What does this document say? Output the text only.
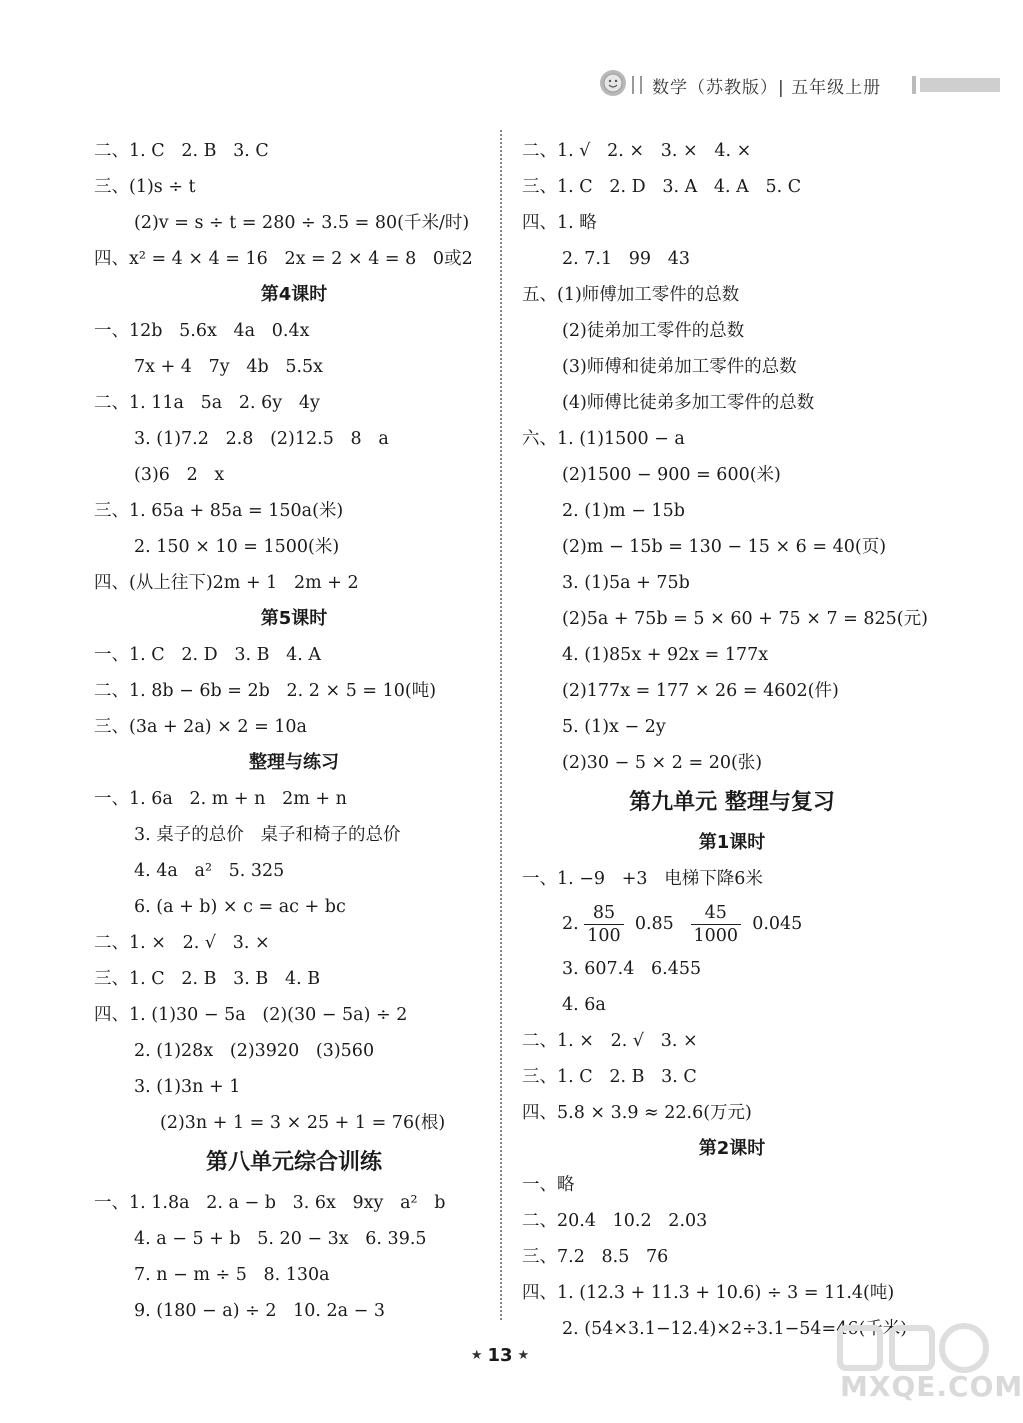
数学（苏教版）| 五年级上册
二、1. C   2. B   3. C
三、(1)s ÷ t
(2)v = s ÷ t = 280 ÷ 3.5 = 80(千米/时)
四、x² = 4 × 4 = 16   2x = 2 × 4 = 8   0或2
第4课时
一、12b   5.6x   4a   0.4x
7x + 4   7y   4b   5.5x
二、1. 11a   5a   2. 6y   4y
3. (1)7.2   2.8   (2)12.5   8   a
(3)6   2   x
三、1. 65a + 85a = 150a(米)
2. 150 × 10 = 1500(米)
四、(从上往下)2m + 1   2m + 2
第5课时
一、1. C   2. D   3. B   4. A
二、1. 8b − 6b = 2b   2. 2 × 5 = 10(吨)
三、(3a + 2a) × 2 = 10a
整理与练习
一、1. 6a   2. m + n   2m + n
3. 桌子的总价   桌子和椅子的总价
4. 4a   a²   5. 325
6. (a + b) × c = ac + bc
二、1. ×   2. √   3. ×
三、1. C   2. B   3. B   4. B
四、1. (1)30 − 5a   (2)(30 − 5a) ÷ 2
2. (1)28x   (2)3920   (3)560
3. (1)3n + 1
(2)3n + 1 = 3 × 25 + 1 = 76(根)
第八单元综合训练
一、1. 1.8a   2. a − b   3. 6x   9xy   a²   b
4. a − 5 + b   5. 20 − 3x   6. 39.5
7. n − m ÷ 5   8. 130a
9. (180 − a) ÷ 2   10. 2a − 3
二、1. √   2. ×   3. ×   4. ×
三、1. C   2. D   3. A   4. A   5. C
四、1. 略
2. 7.1   99   43
五、(1)师傅加工零件的总数
(2)徒弟加工零件的总数
(3)师傅和徒弟加工零件的总数
(4)师傅比徒弟多加工零件的总数
六、1. (1)1500 − a
(2)1500 − 900 = 600(米)
2. (1)m − 15b
(2)m − 15b = 130 − 15 × 6 = 40(页)
3. (1)5a + 75b
(2)5a + 75b = 5 × 60 + 75 × 7 = 825(元)
4. (1)85x + 92x = 177x
(2)177x = 177 × 26 = 4602(件)
5. (1)x − 2y
(2)30 − 5 × 2 = 20(张)
第九单元 整理与复习
第1课时
一、1. −9   +3   电梯下降6米
2. $\frac{85}{100} 0.85 \frac{45}{1000} 0.045$
3. 607.4   6.455
4. 6a
二、1. ×   2. √   3. ×
三、1. C   2. B   3. C
四、5.8 × 3.9 ≈ 22.6(万元)
第2课时
一、略
二、20.4   10.2   2.03
三、7.2   8.5   76
四、1. (12.3 + 11.3 + 10.6) ÷ 3 = 11.4(吨)
2. (54×3.1−12.4)×2÷3.1−54=46(千米)
★ 13 ★
MXQE.COM
